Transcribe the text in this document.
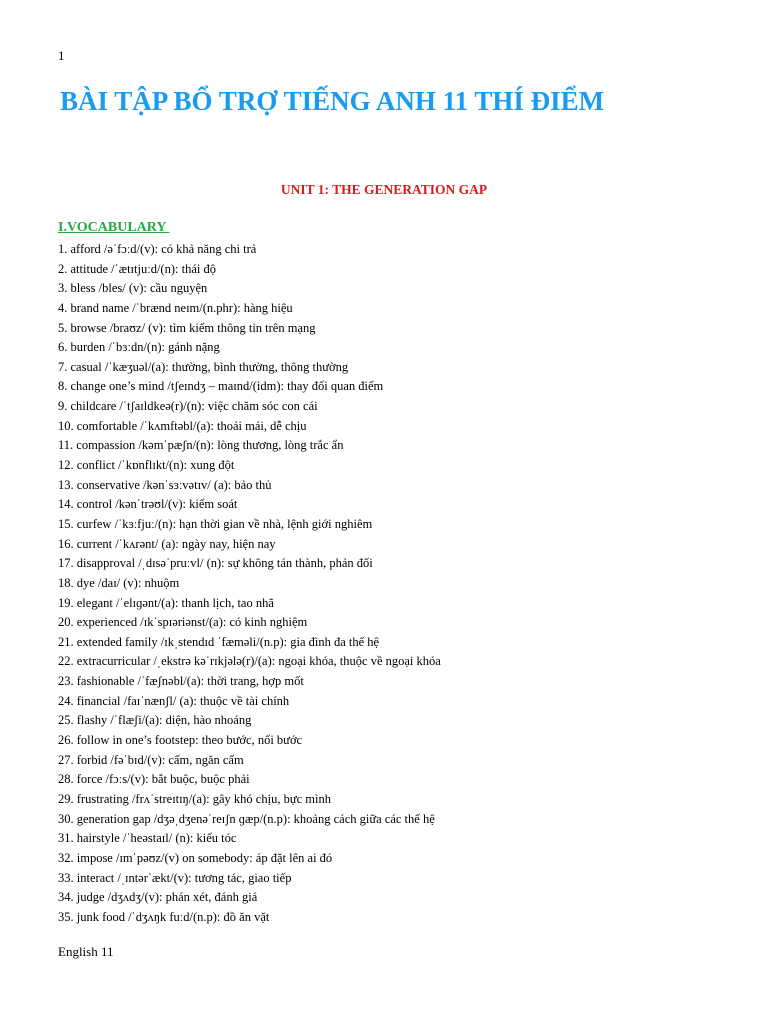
1
BÀI TẬP BỔ TRỢ TIẾNG ANH 11 THÍ ĐIỂM
UNIT 1: THE GENERATION GAP
I.VOCABULARY
1. afford /əˈfɔːd/(v): có khả năng chi trả
2. attitude /ˈætɪtjuːd/(n): thái độ
3. bless /bles/ (v): cầu nguyện
4. brand name /ˈbrænd neɪm/(n.phr): hàng hiệu
5. browse /braʊz/ (v): tìm kiếm thông tin trên mạng
6. burden /ˈbɜːdn/(n): gánh nặng
7. casual /ˈkæʒuəl/(a): thường, bình thường, thông thường
8. change one’s mind /tʃeɪndʒ – maɪnd/(idm): thay đổi quan điểm
9. childcare /ˈtʃaɪldkeə(r)/(n): việc chăm sóc con cái
10. comfortable /ˈkʌmftəbl/(a): thoải mái, dễ chịu
11. compassion /kəmˈpæʃn/(n): lòng thương, lòng trắc ẩn
12. conflict /ˈkɒnflɪkt/(n): xung đột
13. conservative /kənˈsɜːvətɪv/ (a): bảo thủ
14. control /kənˈtrəʊl/(v): kiểm soát
15. curfew /ˈkɜːfjuː/(n): hạn thời gian về nhà, lệnh giới nghiêm
16. current /ˈkʌrənt/ (a): ngày nay, hiện nay
17. disapproval /ˌdɪsəˈpruːvl/ (n): sự không tán thành, phản đối
18. dye /daɪ/ (v): nhuộm
19. elegant /ˈelɪɡənt/(a): thanh lịch, tao nhã
20. experienced /ɪkˈspɪəriənst/(a): có kinh nghiệm
21. extended family /ɪkˌstendɪd ˈfæməli/(n.p): gia đình đa thế hệ
22. extracurricular /ˌekstrə kəˈrɪkjələ(r)/(a): ngoại khóa, thuộc về ngoại khóa
23. fashionable /ˈfæʃnəbl/(a): thời trang, hợp mốt
24. financial /faɪˈnænʃl/ (a): thuộc về tài chính
25. flashy /ˈflæʃi/(a): diện, hào nhoáng
26. follow in one’s footstep: theo bước, nối bước
27. forbid /fəˈbɪd/(v): cấm, ngăn cấm
28. force /fɔːs/(v): bắt buộc, buộc phải
29. frustrating /frʌˈstreɪtɪŋ/(a): gây khó chịu, bực mình
30. generation gap /dʒəˌdʒenəˈreɪʃn ɡæp/(n.p): khoảng cách giữa các thế hệ
31. hairstyle /ˈheəstaɪl/ (n): kiểu tóc
32. impose /ɪmˈpəʊz/(v) on somebody: áp đặt lên ai đó
33. interact /ˌɪntərˈækt/(v): tương tác, giao tiếp
34. judge /dʒʌdʒ/(v): phán xét, đánh giá
35. junk food /ˈdʒʌŋk fuːd/(n.p): đồ ăn vặt
English 11
